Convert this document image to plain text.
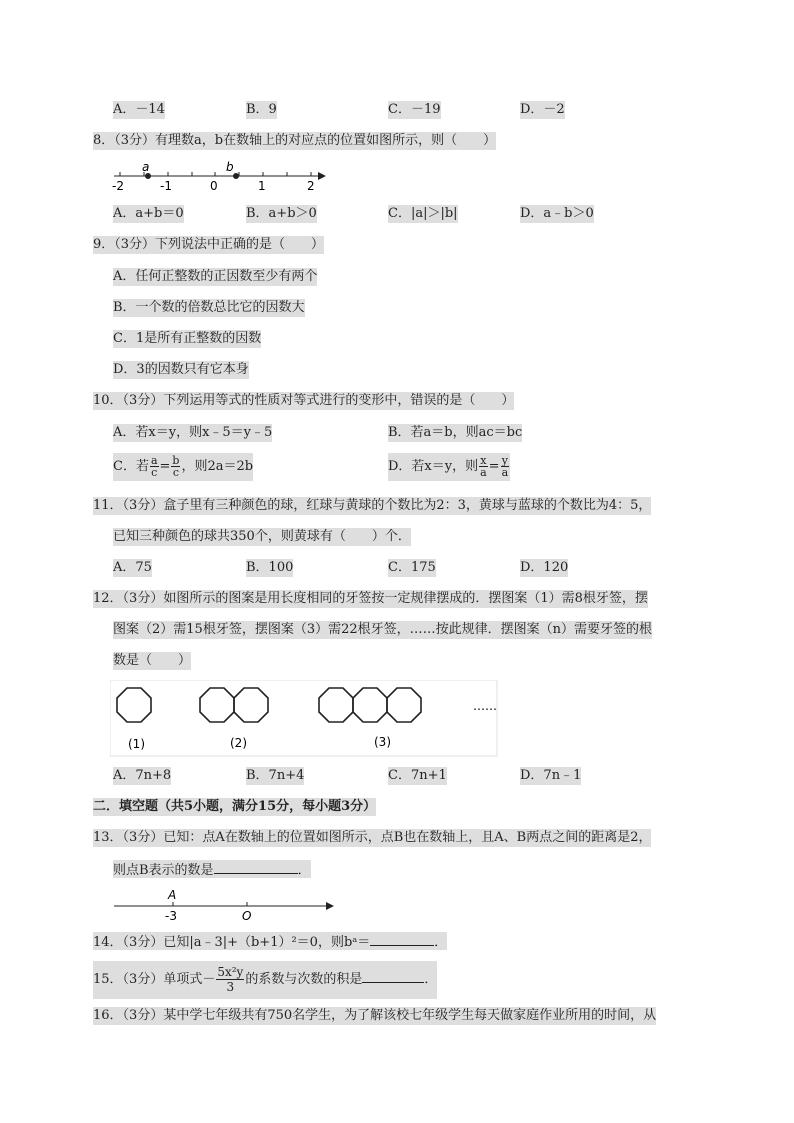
A．－14	B．9	C．－19	D．－2
8．（3分）有理数a，b在数轴上的对应点的位置如图所示，则（　　）
a	b
-2	-1	0	1	2
A．a+b＝0	B．a+b＞0	C．|a|＞|b|	D．a﹣b＞0
9．（3分）下列说法中正确的是（　　）
A．任何正整数的正因数至少有两个
B．一个数的倍数总比它的因数大
C．1是所有正整数的因数
D．3的因数只有它本身
10．（3分）下列运用等式的性质对等式进行的变形中，错误的是（　　）
A．若x＝y，则x﹣5＝y﹣5	B．若a＝b，则ac＝bc
C．若 $\frac{a}{c} = \frac{b}{c}$ ，则2a＝2b	D．若x＝y，则 $\frac{x}{a} = \frac{y}{a}$
11．（3分）盒子里有三种颜色的球，红球与黄球的个数比为2：3，黄球与蓝球的个数比为4：5，
已知三种颜色的球共350个，则黄球有（　　）个．
A．75	B．100	C．175	D．120
12．（3分）如图所示的图案是用长度相同的牙签按一定规律摆成的．摆图案（1）需8根牙签，摆
图案（2）需15根牙签，摆图案（3）需22根牙签，……按此规律．摆图案（n）需要牙签的根
数是（　　）
(1)	(2)	(3)
……
A．7n+8	B．7n+4	C．7n+1	D．7n﹣1
二．填空题（共5小题，满分15分，每小题3分）
13．（3分）已知：点A在数轴上的位置如图所示，点B也在数轴上，且A、B两点之间的距离是2，
则点B表示的数是	．
A
-3	O
14．（3分）已知|a﹣3|+（b+1）²＝0，则bᵃ＝	．
15．（3分）单项式－ $\frac{\text{5x²y}}{3}$ 的系数与次数的积是	．
16．（3分）某中学七年级共有750名学生，为了解该校七年级学生每天做家庭作业所用的时间，从
